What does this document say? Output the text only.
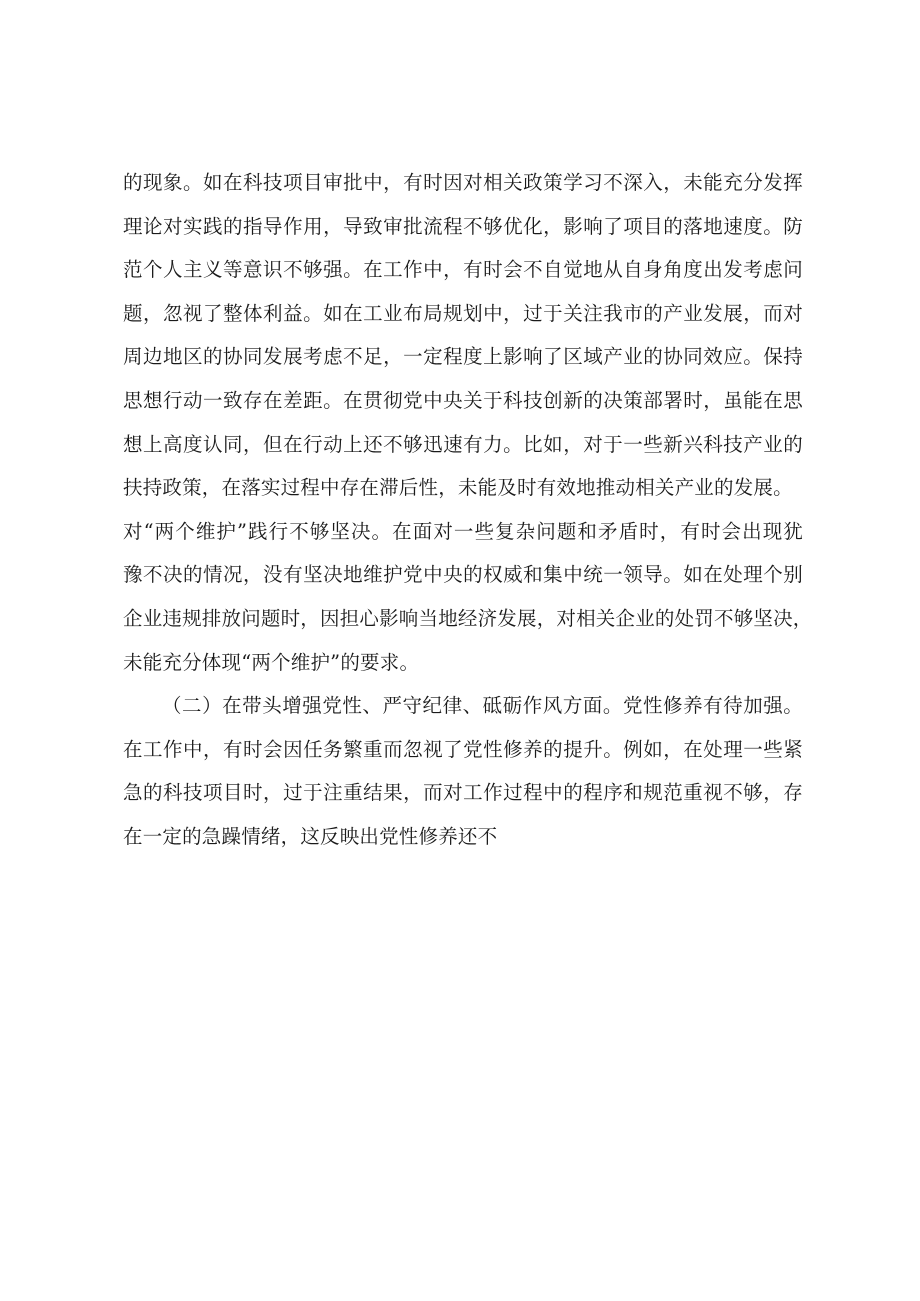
的现象。如在科技项目审批中，有时因对相关政策学习不深入，未能充分发挥
理论对实践的指导作用，导致审批流程不够优化，影响了项目的落地速度。防
范个人主义等意识不够强。在工作中，有时会不自觉地从自身角度出发考虑问
题，忽视了整体利益。如在工业布局规划中，过于关注我市的产业发展，而对
周边地区的协同发展考虑不足，一定程度上影响了区域产业的协同效应。保持
思想行动一致存在差距。在贯彻党中央关于科技创新的决策部署时，虽能在思
想上高度认同，但在行动上还不够迅速有力。比如，对于一些新兴科技产业的
扶持政策，在落实过程中存在滞后性，未能及时有效地推动相关产业的发展。
对“两个维护”践行不够坚决。在面对一些复杂问题和矛盾时，有时会出现犹
豫不决的情况，没有坚决地维护党中央的权威和集中统一领导。如在处理个别
企业违规排放问题时，因担心影响当地经济发展，对相关企业的处罚不够坚决，
未能充分体现“两个维护”的要求。
（二）在带头增强党性、严守纪律、砥砺作风方面。党性修养有待加强。
在工作中，有时会因任务繁重而忽视了党性修养的提升。例如，在处理一些紧
急的科技项目时，过于注重结果，而对工作过程中的程序和规范重视不够，存
在一定的急躁情绪，这反映出党性修养还不
